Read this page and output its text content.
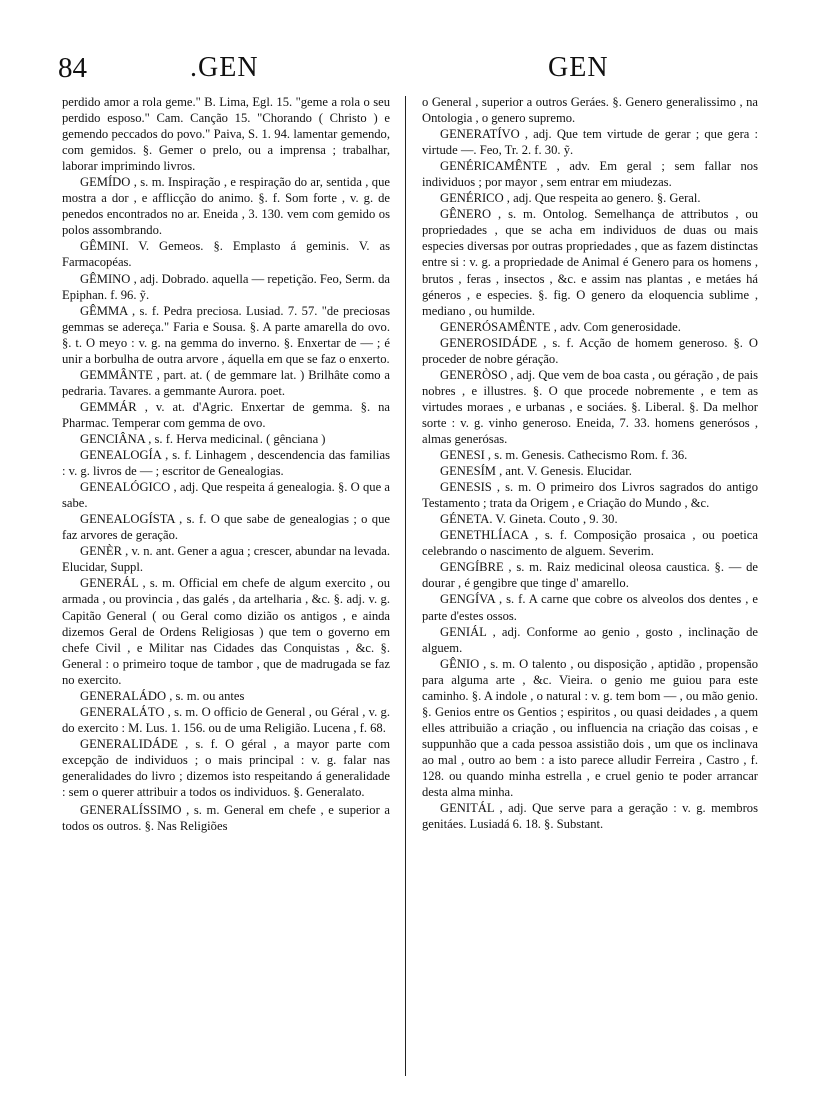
84	.GEN	GEN

perdido amor a rola geme." B. Lima, Egl. 15. "geme a rola o seu perdido esposo." Cam. Canção 15. "Chorando ( Christo ) e gemendo peccados do povo." Paiva, S. 1. 94. lamentar gemendo, com gemidos. §. Gemer o prelo, ou a imprensa ; trabalhar, laborar imprimindo livros.

GEMÍDO , s. m. Inspiração , e respiração do ar, sentida , que mostra a dor , e afflicção do animo. §. f. Som forte , v. g. de penedos encontrados no ar. Eneida , 3. 130. vem com gemido os polos assombrando.

GÊMINI. V. Gemeos. §. Emplasto á geminis. V. as Farmacopéas.

GÊMINO , adj. Dobrado. aquella — repetição. Feo, Serm. da Epiphan. f. 96. ỹ.

GÊMMA , s. f. Pedra preciosa. Lusiad. 7. 57. "de preciosas gemmas se adereça." Faria e Sousa. §. A parte amarella do ovo. §. t. O meyo : v. g. na gemma do inverno. §. Enxertar de — ; é unir a borbulha de outra arvore , áquella em que se faz o enxerto.

GEMMÂNTE , part. at. ( de gemmare lat. ) Brilhâte como a pedraria. Tavares. a gemmante Aurora. poet.

GEMMÁR , v. at. d'Agric. Enxertar de gemma. §. na Pharmac. Temperar com gemma de ovo.

GENCIÂNA , s. f. Herva medicinal. ( gênciana )

GENEALOGÍA , s. f. Linhagem , descendencia das familias : v. g. livros de — ; escritor de Genealogias.

GENEALÓGICO , adj. Que respeita á genealogia. §. O que a sabe.

GENEALOGÍSTA , s. f. O que sabe de genealogias ; o que faz arvores de geração.

GENÈR , v. n. ant. Gener a agua ; crescer, abundar na levada. Elucidar, Suppl.

GENERÁL , s. m. Official em chefe de algum exercito , ou armada , ou provincia , das galés , da artelharia , &c. §. adj. v. g. Capitão General ( ou Geral como dizião os antigos , e ainda dizemos Geral de Ordens Religiosas ) que tem o governo em chefe Civil , e Militar nas Cidades das Conquistas , &c. §. General : o primeiro toque de tambor , que de madrugada se faz no exercito.

GENERALÁDO , s. m. ou antes

GENERALÁTO , s. m. O officio de General , ou Géral , v. g. do exercito : M. Lus. 1. 156. ou de uma Religião. Lucena , f. 68.

GENERALIDÁDE , s. f. O géral , a mayor parte com excepção de individuos ; o mais principal : v. g. falar nas generalidades do livro ; dizemos isto respeitando á generalidade : sem o querer attribuir a todos os individuos. §. Generalato.

GENERALÍSSIMO , s. m. General em chefe , e superior a todos os outros. §. Nas Religiões

o General , superior a outros Geráes. §. Genero generalissimo , na Ontologia , o genero supremo.

GENERATÍVO , adj. Que tem virtude de gerar ; que gera : virtude —. Feo, Tr. 2. f. 30. ỹ.

GENÉRICAMÊNTE , adv. Em geral ; sem fallar nos individuos ; por mayor , sem entrar em miudezas.

GENÉRICO , adj. Que respeita ao genero. §. Geral.

GÊNERO , s. m. Ontolog. Semelhança de attributos , ou propriedades , que se acha em individuos de duas ou mais especies diversas por outras propriedades , que as fazem distinctas entre si : v. g. a propriedade de Animal é Genero para os homens , brutos , feras , insectos , &c. e assim nas plantas , e metáes há géneros , e especies. §. fig. O genero da eloquencia sublime , mediano , ou humilde.

GENERÓSAMÊNTE , adv. Com generosidade.

GENEROSIDÁDE , s. f. Acção de homem generoso. §. O proceder de nobre géração.

GENERÒSO , adj. Que vem de boa casta , ou géração , de pais nobres , e illustres. §. O que procede nobremente , e tem as virtudes moraes , e urbanas , e sociáes. §. Liberal. §. Da melhor sorte : v. g. vinho generoso. Eneida, 7. 33. homens generósos , almas generósas.

GENESI , s. m. Genesis. Cathecismo Rom. f. 36.

GENESÍM , ant. V. Genesis. Elucidar.

GENESIS , s. m. O primeiro dos Livros sagrados do antigo Testamento ; trata da Origem , e Criação do Mundo , &c.

GÉNETA. V. Gineta. Couto , 9. 30.

GENETHLÍACA , s. f. Composição prosaica , ou poetica celebrando o nascimento de alguem. Severim.

GENGÍBRE , s. m. Raiz medicinal oleosa caustica. §. — de dourar , é gengibre que tinge d' amarello.

GENGÍVA , s. f. A carne que cobre os alveolos dos dentes , e parte d'estes ossos.

GENIÁL , adj. Conforme ao genio , gosto , inclinação de alguem.

GÊNIO , s. m. O talento , ou disposição , aptidão , propensão para alguma arte , &c. Vieira. o genio me guiou para este caminho. §. A indole , o natural : v. g. tem bom — , ou mão genio. §. Genios entre os Gentios ; espiritos , ou quasi deidades , a quem elles attribuião a criação , ou influencia na criação das coisas , e suppunhão que a cada pessoa assistião dois , um que os inclinava ao mal , outro ao bem : a isto parece alludir Ferreira , Castro , f. 128. ou quando minha estrella , e cruel genio te poder arrancar desta alma minha.

GENITÁL , adj. Que serve para a geração : v. g. membros genitáes. Lusiadá 6. 18. §. Substant.
